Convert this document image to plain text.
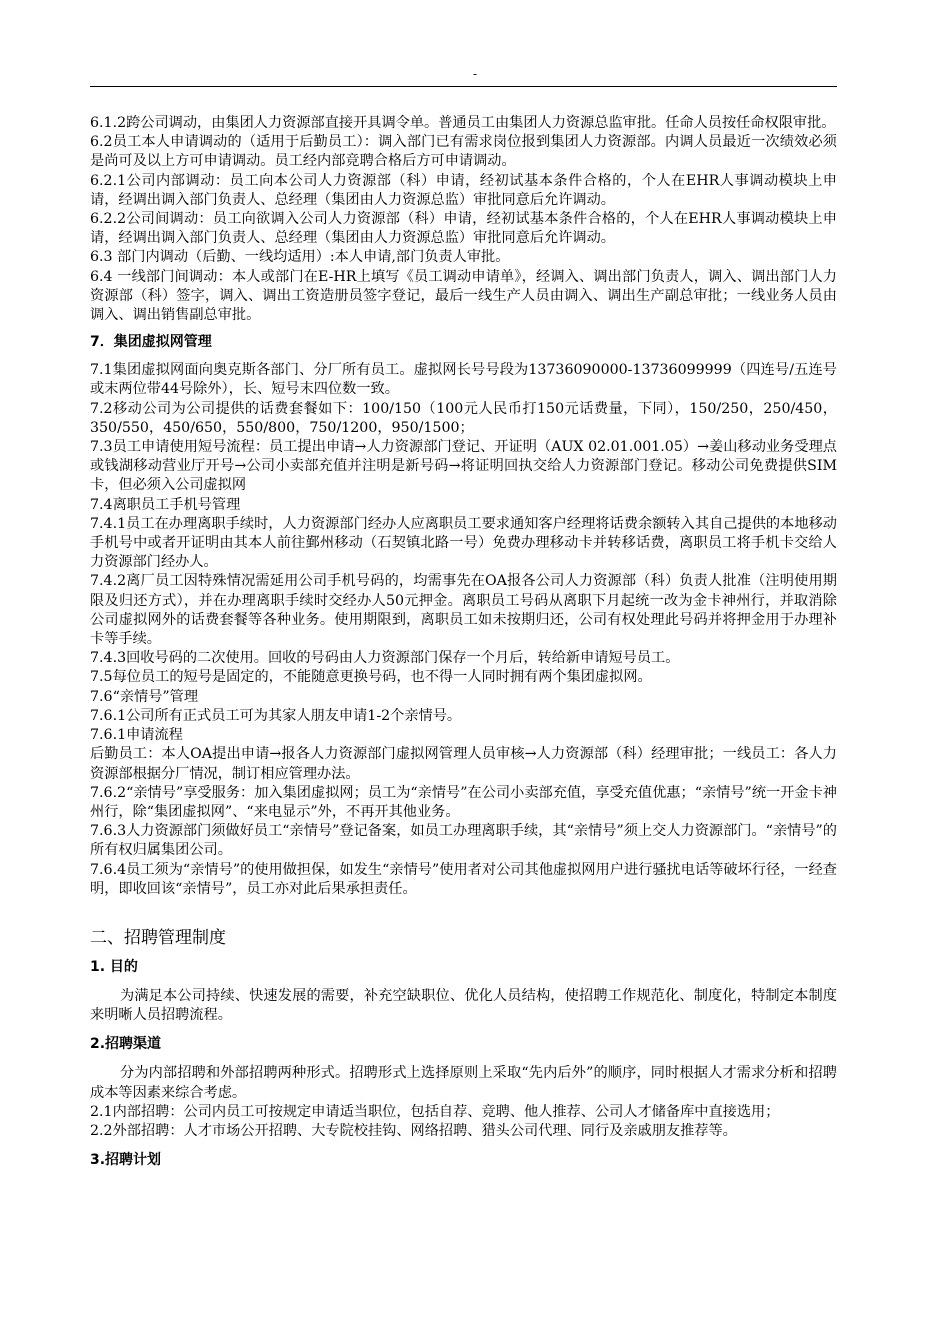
-

6.1.2跨公司调动，由集团人力资源部直接开具调令单。普通员工由集团人力资源总监审批。任命人员按任命权限审批。

6.2员工本人申请调动的（适用于后勤员工）：调入部门已有需求岗位报到集团人力资源部。内调人员最近一次绩效必须是尚可及以上方可申请调动。员工经内部竞聘合格后方可申请调动。

6.2.1公司内部调动：员工向本公司人力资源部（科）申请，经初试基本条件合格的，个人在EHR人事调动模块上申请，经调出调入部门负责人、总经理（集团由人力资源总监）审批同意后允许调动。

6.2.2公司间调动：员工向欲调入公司人力资源部（科）申请，经初试基本条件合格的，个人在EHR人事调动模块上申请，经调出调入部门负责人、总经理（集团由人力资源总监）审批同意后允许调动。

6.3 部门内调动（后勤、一线均适用）:本人申请,部门负责人审批。

6.4 一线部门间调动：本人或部门在E-HR上填写《员工调动申请单》，经调入、调出部门负责人，调入、调出部门人力资源部（科）签字，调入、调出工资造册员签字登记，最后一线生产人员由调入、调出生产副总审批；一线业务人员由调入、调出销售副总审批。

7．集团虚拟网管理

7.1集团虚拟网面向奥克斯各部门、分厂所有员工。虚拟网长号号段为13736090000-13736099999（四连号/五连号或末两位带44号除外），长、短号末四位数一致。

7.2移动公司为公司提供的话费套餐如下：100/150（100元人民币打150元话费量，下同），150/250，250/450，350/550，450/650，550/800，750/1200，950/1500；

7.3员工申请使用短号流程：员工提出申请→人力资源部门登记、开证明（AUX 02.01.001.05）→姜山移动业务受理点或钱湖移动营业厅开号→公司小卖部充值并注明是新号码→将证明回执交给人力资源部门登记。移动公司免费提供SIM卡，但必须入公司虚拟网

7.4离职员工手机号管理

7.4.1员工在办理离职手续时，人力资源部门经办人应离职员工要求通知客户经理将话费余额转入其自己提供的本地移动手机号中或者开证明由其本人前往鄞州移动（石契镇北路一号）免费办理移动卡并转移话费，离职员工将手机卡交给人力资源部门经办人。

7.4.2离厂员工因特殊情况需延用公司手机号码的，均需事先在OA报各公司人力资源部（科）负责人批准（注明使用期限及归还方式），并在办理离职手续时交经办人50元押金。离职员工号码从离职下月起统一改为金卡神州行，并取消除公司虚拟网外的话费套餐等各种业务。使用期限到，离职员工如未按期归还，公司有权处理此号码并将押金用于办理补卡等手续。

7.4.3回收号码的二次使用。回收的号码由人力资源部门保存一个月后，转给新申请短号员工。

7.5每位员工的短号是固定的，不能随意更换号码，也不得一人同时拥有两个集团虚拟网。

7.6“亲情号”管理

7.6.1公司所有正式员工可为其家人朋友申请1-2个亲情号。

7.6.1申请流程

后勤员工：本人OA提出申请→报各人力资源部门虚拟网管理人员审核→人力资源部（科）经理审批；一线员工：各人力资源部根据分厂情况，制订相应管理办法。

7.6.2“亲情号”享受服务：加入集团虚拟网；员工为“亲情号”在公司小卖部充值，享受充值优惠；“亲情号”统一开金卡神州行，除“集团虚拟网”、“来电显示”外，不再开其他业务。

7.6.3人力资源部门须做好员工“亲情号”登记备案，如员工办理离职手续，其“亲情号”须上交人力资源部门。“亲情号”的所有权归属集团公司。

7.6.4员工须为“亲情号”的使用做担保，如发生“亲情号”使用者对公司其他虚拟网用户进行骚扰电话等破坏行径，一经查明，即收回该“亲情号”，员工亦对此后果承担责任。

二、招聘管理制度
1. 目的

为满足本公司持续、快速发展的需要，补充空缺职位、优化人员结构，使招聘工作规范化、制度化，特制定本制度来明晰人员招聘流程。

2.招聘渠道

分为内部招聘和外部招聘两种形式。招聘形式上选择原则上采取“先内后外”的顺序，同时根据人才需求分析和招聘成本等因素来综合考虑。

2.1内部招聘：公司内员工可按规定申请适当职位，包括自荐、竞聘、他人推荐、公司人才储备库中直接选用；

2.2外部招聘：人才市场公开招聘、大专院校挂钩、网络招聘、猎头公司代理、同行及亲戚朋友推荐等。

3.招聘计划
